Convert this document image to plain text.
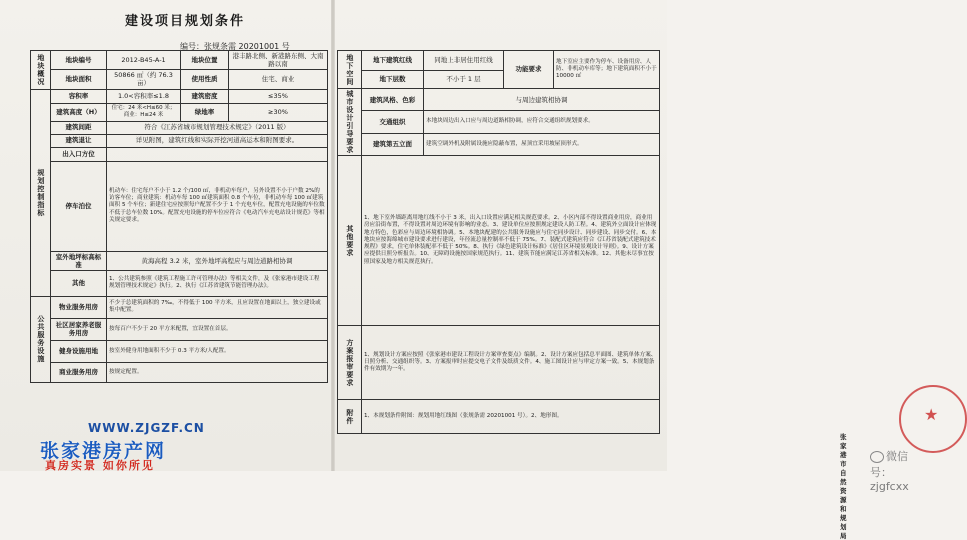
建设项目规划条件
编号：张规条需 20201001 号
地块概况	地块编号	2012-B45-A-1	地块位置	港丰路北侧、新港路东侧、大南路以南
	地块面积	50866 ㎡（约 76.3 亩）	使用性质	住宅、商业
规划控制指标	容积率	1.0<容积率≤1.8	建筑密度	≤35%
	建筑高度（H）	住宅：24 米<H≤60 米；商业：H≤24 米	绿地率	≥30%
	建筑间距	符合《江苏省城市规划管理技术规定》（2011 版）		
	建筑退让	详见附图，建筑红线和实际开挖河道高运本和附图要求。		
	出入口方位			
	停车泊位	机动车：住宅每户不小于 1.2 个/100 ㎡，非机动车每户，另外设置不小于户数 2%的访客车位；商业建筑：机动车每 100 ㎡建筑面积 0.8 个车位，非机动车每 100 ㎡建筑面积 5 个车位；新建住宅应按照每户配置不少于 1 个充电车位，配置充电设施的车位数不低于总车位数 10%。配置充电设施的停车位应符合《电动汽车充电站设计规范》等相关规定要求。		
	室外地坪标高标准	黄海高程 3.2 米，室外地坪高程应与周边道路相协调		
	其他	1、公共建筑参照《建筑工程施工许可管理办法》等相关文件，及《张家港市建设工程规划管理技术规定》执行。2、执行《江苏省建筑节能管理办法》。		
公共服务设施	物业服务用房	不少于总建筑面积的 7‰，不得低于 100 平方米，且应设置在地面以上，独立建设或集中配置。		
	社区居家养老服务用房	按每百户不少于 20 平方米配置，宜设置在首层。		
	健身设施用地	按室外健身用地面积不少于 0.3 平方米/人配置。		
	商业服务用房	按规定配置。		
WWW.ZJGZF.CN
张家港房产网
真房实景 如你所见
地下空间	地下建筑红线	同地上非居住用红线	功能要求	地下室应主要作为停车、设备用房、人防、非机动车库等；地下建筑面积不小于 10000 ㎡
	地下层数	不小于 1 层		
城市设计引导要求	建筑风格、色彩	与周边建筑相协调		
	交通组织	本地块周边出入口应与周边道路相协调，应符合交通组织规划要求。		
	建筑第五立面	建筑空调外机及附属设施应隐蔽布置，屋顶宜采用坡屋顶形式。		
其他要求	1、地下室外墙距离用地红线不小于 3 米，出入口设置应满足相关规范要求。2、小区内部不得设置商业用房，商业用房应沿街布置，不得设置对周边环境有影响的业态。3、建设单位应按照规定建设人防工程。4、建筑外立面设计应体现地方特色，色彩应与周边环境相协调。5、本地块配建的公共服务设施应与住宅同步设计、同步建设、同步交付。6、本地块应按海绵城市建设要求进行建设，年径流总量控制率不低于 75%。7、装配式建筑应符合《江苏省装配式建筑技术规程》要求，住宅单体装配率不低于 50%。8、执行《绿色建筑设计标准》《居住区环境景观设计导则》。9、设计方案应提供日照分析报告。10、无障碍设施按国家规范执行。11、建筑节能应满足江苏省相关标准。12、其他未尽事宜按照国家及地方相关规范执行。			
方案报审要求	1、规划设计方案应按照《张家港市建设工程设计方案审查要点》编制。2、设计方案应包括总平面图、建筑单体方案、日照分析、交通组织等。3、方案报审时应提交电子文件及纸质文件。4、施工图设计应与审定方案一致。5、本规划条件有效期为一年。			
附件	1、本规划条件附图：规划用地红线图（张规条需 20201001 号）。2、地形图。				★
张家港市自然资源和规划局
微信号：zjgfcxx
